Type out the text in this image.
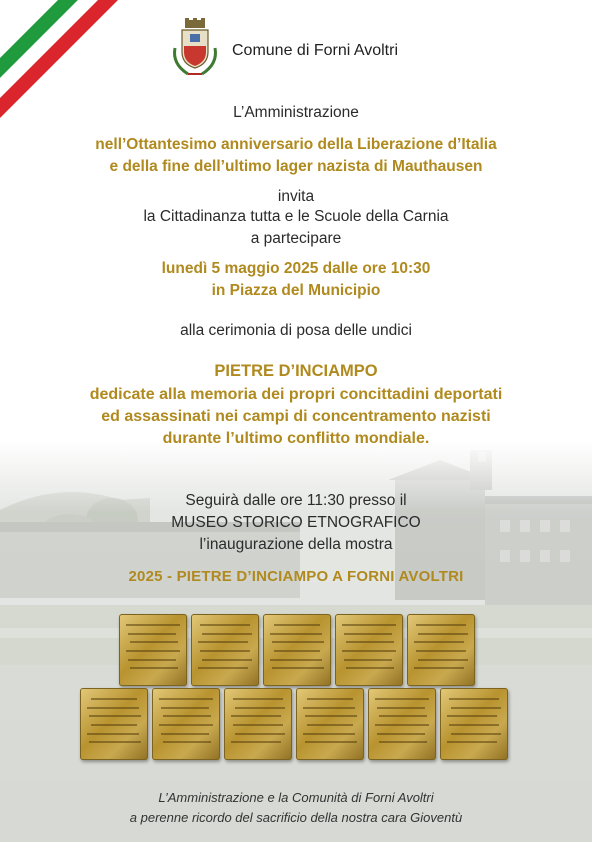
Comune di Forni Avoltri
L’Amministrazione
nell’Ottantesimo anniversario della Liberazione d’Italia
e della fine dell’ultimo lager nazista di Mauthausen
invita
la Cittadinanza tutta e le Scuole della Carnia
a partecipare
lunedì 5 maggio 2025 dalle ore 10:30
in Piazza del Municipio
alla cerimonia di posa delle undici
PIETRE D’INCIAMPO
dedicate alla memoria dei propri concittadini deportati
ed assassinati nei campi di concentramento nazisti
durante l’ultimo conflitto mondiale.
Seguirà dalle ore 11:30 presso il
MUSEO STORICO ETNOGRAFICO
l’inaugurazione della mostra
2025 - PIETRE D’INCIAMPO A FORNI AVOLTRI
L’Amministrazione e la Comunità di Forni Avoltri
a perenne ricordo del sacrificio della nostra cara Gioventù
